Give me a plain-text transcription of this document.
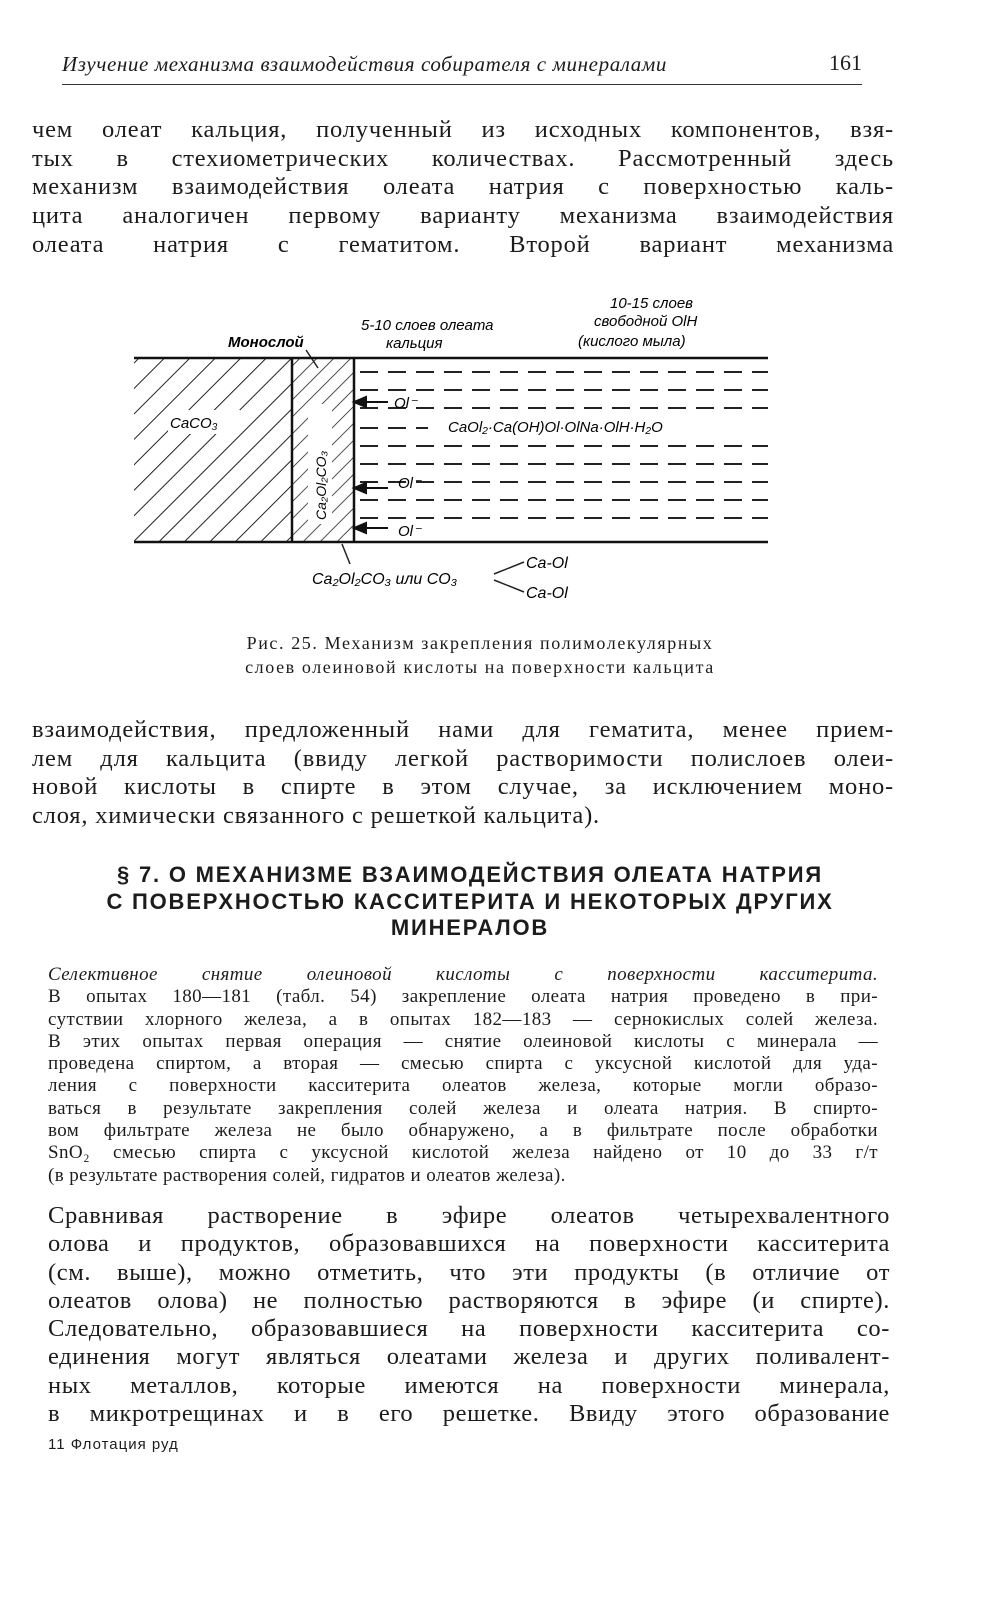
Изучение механизма взаимодействия собирателя с минералами	161
чем олеат кальция, полученный из исходных компонентов, взя-
тых в стехиометрических количествах. Рассмотренный здесь
механизм взаимодействия олеата натрия с поверхностью каль-
цита аналогичен первому варианту механизма взаимодействия
олеата натрия с гематитом. Второй вариант механизма
Монослой
5-10 слоев олеата
кальция
10-15 слоев
свободной OlH
(кислого мыла)
CaCO₃
Ca₂Ol₂CO₃
Ol⁻
Ol⁻
Ol⁻
CaOl₂·Ca(OH)Ol·OlNa·OlH·H₂O
Ca₂Ol₂CO₃ или CO₃
Ca-Ol
Ca-Ol
Рис. 25. Механизм закрепления полимолекулярных
слоев олеиновой кислоты на поверхности кальцита
взаимодействия, предложенный нами для гематита, менее прием-
лем для кальцита (ввиду легкой растворимости полислоев олеи-
новой кислоты в спирте в этом случае, за исключением моно-
слоя, химически связанного с решеткой кальцита).
§ 7. О МЕХАНИЗМЕ ВЗАИМОДЕЙСТВИЯ ОЛЕАТА НАТРИЯ
С ПОВЕРХНОСТЬЮ КАССИТЕРИТА И НЕКОТОРЫХ ДРУГИХ
МИНЕРАЛОВ
Селективное снятие олеиновой кислоты с поверхности касситерита.
В опытах 180—181 (табл. 54) закрепление олеата натрия проведено в при-
сутствии хлорного железа, а в опытах 182—183 — сернокислых солей железа.
В этих опытах первая операция — снятие олеиновой кислоты с минерала —
проведена спиртом, а вторая — смесью спирта с уксусной кислотой для уда-
ления с поверхности касситерита олеатов железа, которые могли образо-
ваться в результате закрепления солей железа и олеата натрия. В спирто-
вом фильтрате железа не было обнаружено, а в фильтрате после обработки
SnO₂ смесью спирта с уксусной кислотой железа найдено от 10 до 33 г/т
(в результате растворения солей, гидратов и олеатов железа).
Сравнивая растворение в эфире олеатов четырехвалентного
олова и продуктов, образовавшихся на поверхности касситерита
(см. выше), можно отметить, что эти продукты (в отличие от
олеатов олова) не полностью растворяются в эфире (и спирте).
Следовательно, образовавшиеся на поверхности касситерита со-
единения могут являться олеатами железа и других поливалент-
ных металлов, которые имеются на поверхности минерала,
в микротрещинах и в его решетке. Ввиду этого образование
11 Флотация руд
